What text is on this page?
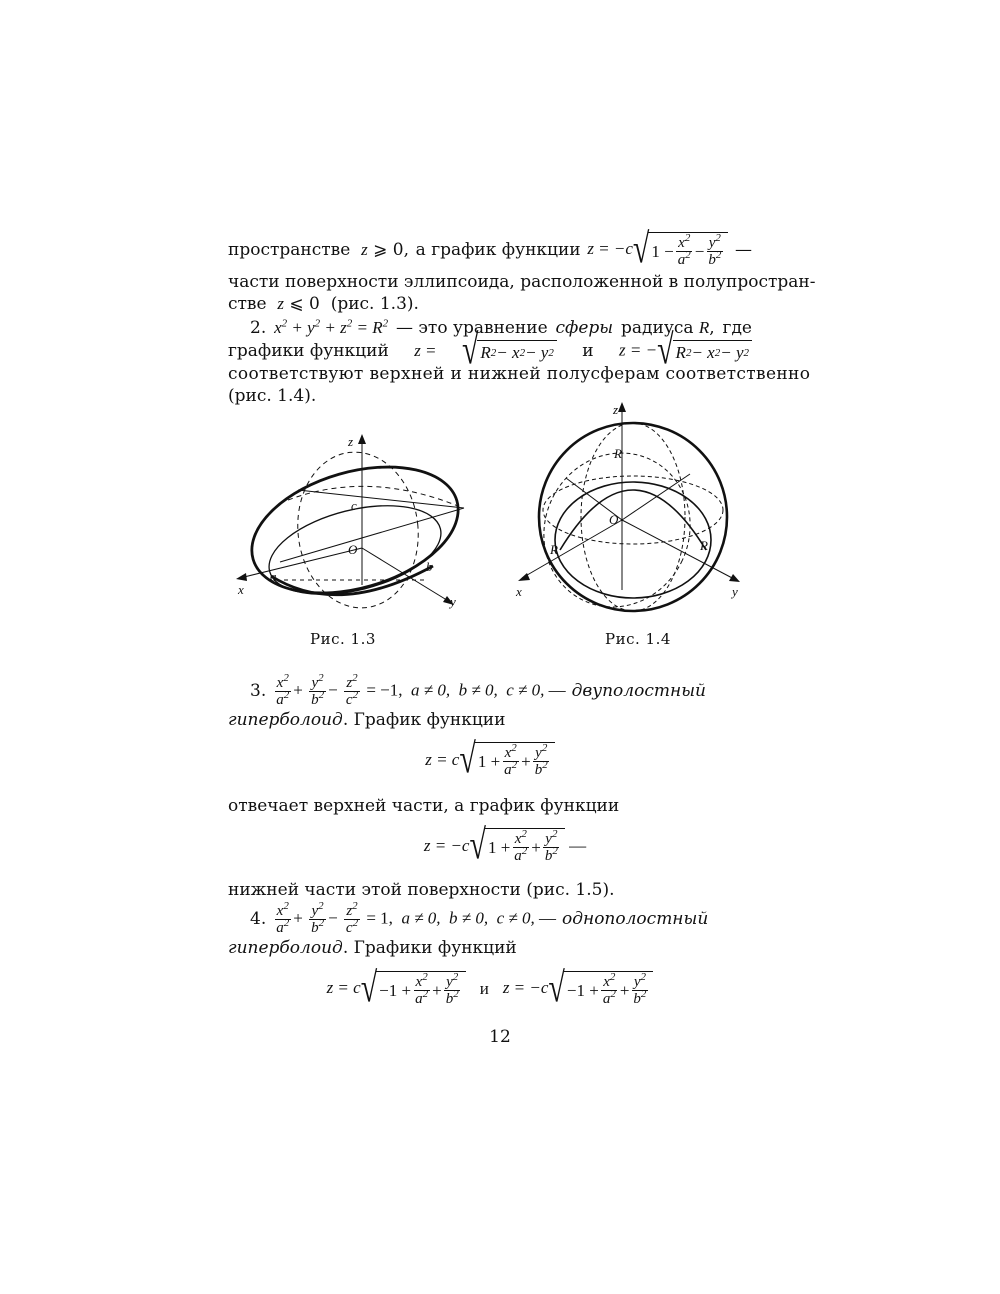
пространстве z ⩾ 0, а график функции z = −c √ $1 - \frac{x^2}{a^2} - \frac{y^2}{b^2}$ —
части поверхности эллипсоида, расположенной в полупростран-
стве z ⩽ 0  (рис. 1.3).
2. $x^2 + y^2 + z^2 = R^2$ — это уравнение сферы радиуса R, где
графики функций z = √ R 2 − x 2 − y 2 и z = − √ R 2 − x 2 − y 2
соответствуют верхней и нижней полусферам соответственно
(рис. 1.4).
z
c
O
a
b
x
y
z
R
O
R	R
x	y
Рис. 1.3	Рис. 1.4
3. $\frac{x^2}{a^2} + \frac{y^2}{b^2} - \frac{z^2}{c^2} = -1$,  a ≠ 0,  b ≠ 0,  c ≠ 0, — двуполостный
гиперболоид. График функции
z = c √ $1 + \frac{x^2}{a^2} + \frac{y^2}{b^2}$
отвечает верхней части, а график функции
z = −c √ $1 + \frac{x^2}{a^2} + \frac{y^2}{b^2}$
—
нижней части этой поверхности (рис. 1.5).
4. $\frac{x^2}{a^2} + \frac{y^2}{b^2} - \frac{z^2}{c^2} = 1$,  a ≠ 0,  b ≠ 0,  c ≠ 0, — однополостный
гиперболоид. Графики функций
z = c √ $-1 + \frac{x^2}{a^2} + \frac{y^2}{b^2}$ и z = −c √ $-1 + \frac{x^2}{a^2} + \frac{y^2}{b^2}$
12
